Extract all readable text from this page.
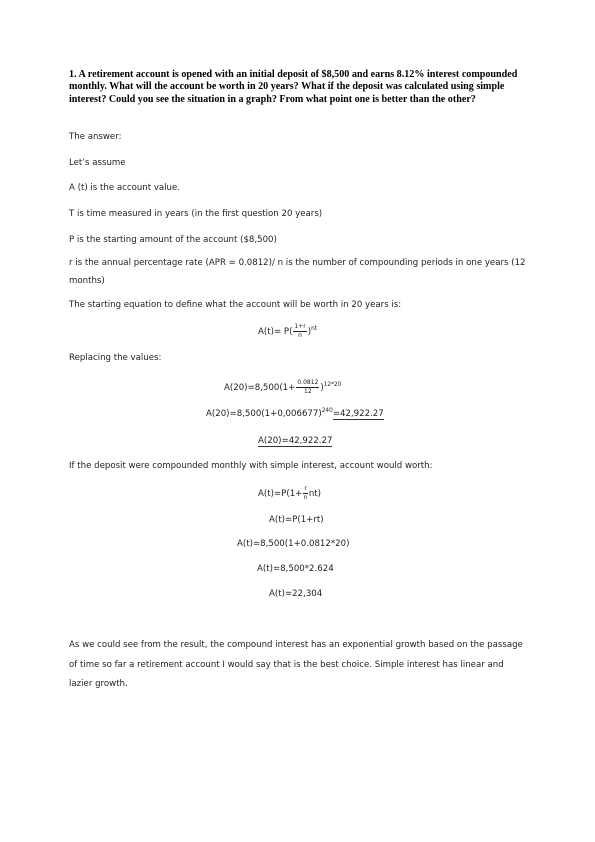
1. A retirement account is opened with an initial deposit of $8,500 and earns 8.12% interest compounded monthly. What will the account be worth in 20 years? What if the deposit was calculated using simple interest? Could you see the situation in a graph? From what point one is better than the other?
The answer:
Let’s assume
A (t) is the account value.
T is time measured in years (in the first question 20 years)
P is the starting amount of the account ($8,500)
r is the annual percentage rate (APR = 0.0812)/ n is the number of compounding periods in one years (12 months)
The starting equation to define what the account will be worth in 20 years is:
$A(t)= P( \frac{1+r}{n} )^{nt}$
Replacing the values:
$A(20)=8,500(1+ \frac{0.0812}{12} )^{12*20}$
$A(20)=8,500(1+0,006677)^{240}=42,922.27$
A(20)=42,922.27
If the deposit were compounded monthly with simple interest, account would worth:
$A(t)=P(1+ \frac{r}{n} nt)$
A(t)=P(1+rt)
A(t)=8,500(1+0.0812*20)
A(t)=8,500*2.624
A(t)=22,304
As we could see from the result, the compound interest has an exponential growth based on the passage of time so far a retirement account I would say that is the best choice. Simple interest has linear and lazier growth.
